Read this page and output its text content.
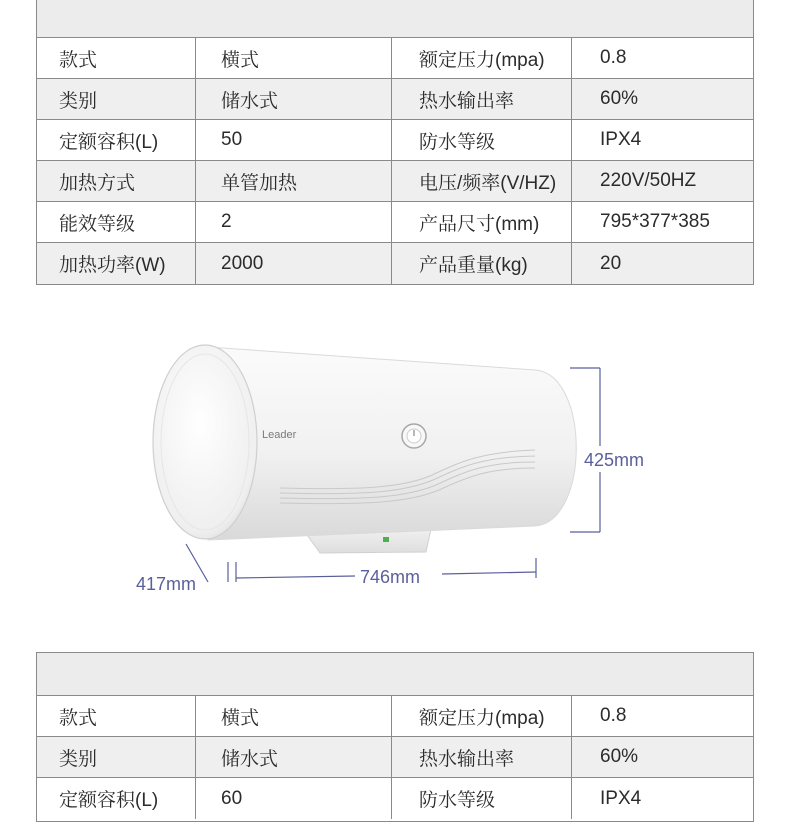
款式	横式	额定压力(mpa)	0.8
类别	储水式	热水输出率	60%
定额容积(L)	50	防水等级	IPX4
加热方式	单管加热	电压/频率(V/HZ)	220V/50HZ
能效等级	2	产品尺寸(mm)	795*377*385
加热功率(W)	2000	产品重量(kg)	20
Leader
425mm
746mm
417mm
款式	横式	额定压力(mpa)	0.8
类别	储水式	热水输出率	60%
定额容积(L)	60	防水等级	IPX4
